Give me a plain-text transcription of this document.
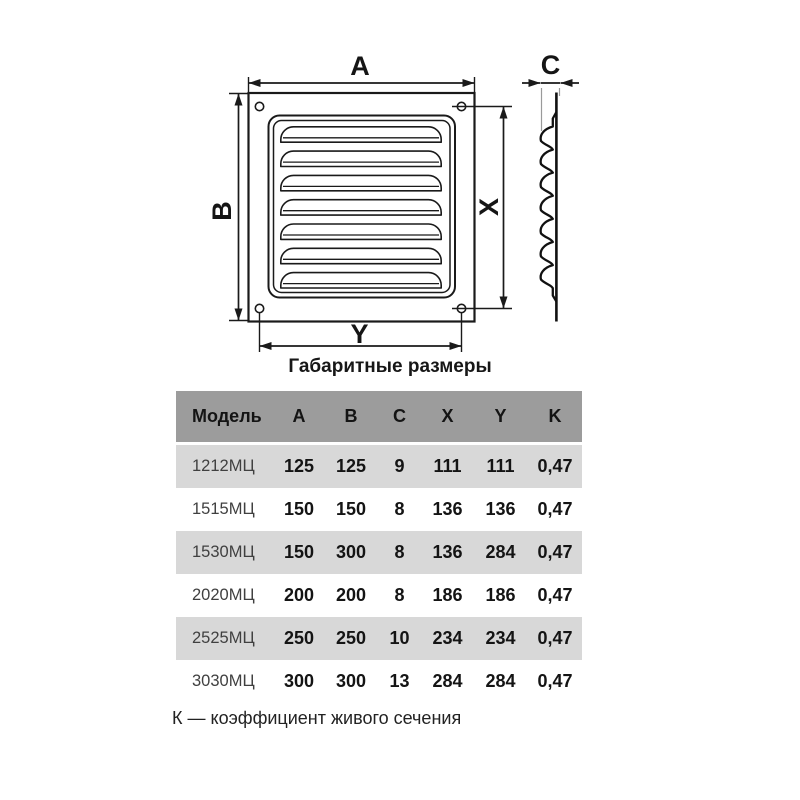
A
B	X
Y
C
Габаритные размеры
Модель	A	B	C	X	Y	K
1212МЦ	125	125	9	111	111	0,47
1515МЦ	150	150	8	136	136	0,47
1530МЦ	150	300	8	136	284	0,47
2020МЦ	200	200	8	186	186	0,47
2525МЦ	250	250	10	234	234	0,47
3030МЦ	300	300	13	284	284	0,47
К — коэффициент живого сечения
